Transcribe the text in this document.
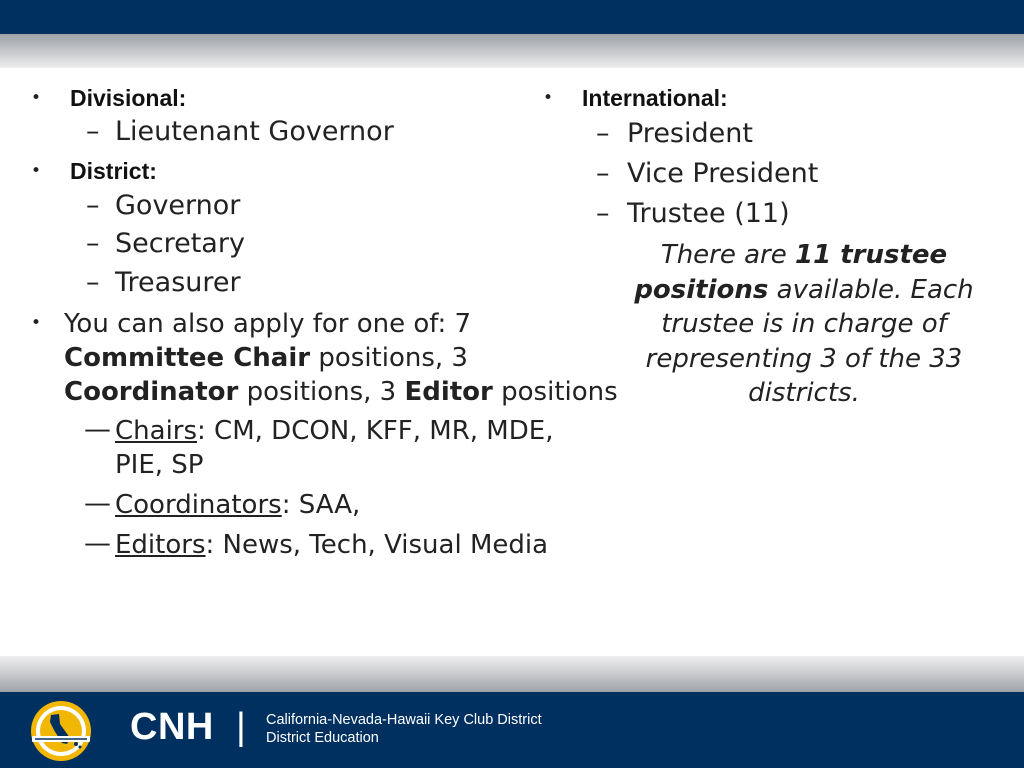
• Divisional:
– Lieutenant Governor
• District:
– Governor
– Secretary
– Treasurer
• You can also apply for one of: 7
Committee Chair positions, 3
Coordinator positions, 3 Editor positions
— Chairs: CM, DCON, KFF, MR, MDE,
PIE, SP
— Coordinators: SAA,
— Editors: News, Tech, Visual Media
• International:
– President
– Vice President
– Trustee (11)
There are 11 trustee positions available. Each trustee is in charge of representing 3 of the 33 districts.
CNH | California-Nevada-Hawaii Key Club District
District Education
